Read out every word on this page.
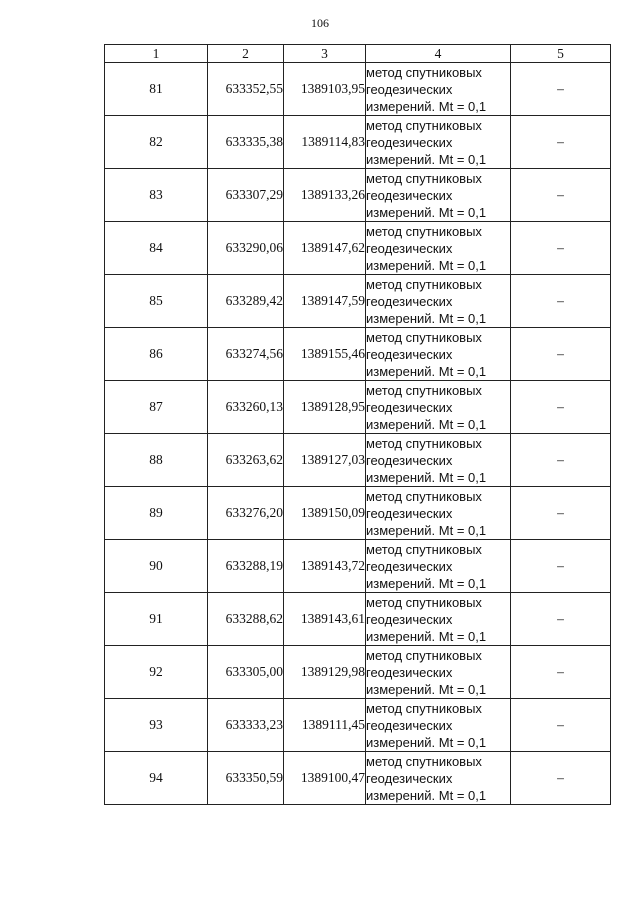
106
1	2	3	4	5
81	633352,55	1389103,95	метод спутниковых
геодезических
измерений. Mt = 0,1	–
82	633335,38	1389114,83	метод спутниковых
геодезических
измерений. Mt = 0,1	–
83	633307,29	1389133,26	метод спутниковых
геодезических
измерений. Mt = 0,1	–
84	633290,06	1389147,62	метод спутниковых
геодезических
измерений. Mt = 0,1	–
85	633289,42	1389147,59	метод спутниковых
геодезических
измерений. Mt = 0,1	–
86	633274,56	1389155,46	метод спутниковых
геодезических
измерений. Mt = 0,1	–
87	633260,13	1389128,95	метод спутниковых
геодезических
измерений. Mt = 0,1	–
88	633263,62	1389127,03	метод спутниковых
геодезических
измерений. Mt = 0,1	–
89	633276,20	1389150,09	метод спутниковых
геодезических
измерений. Mt = 0,1	–
90	633288,19	1389143,72	метод спутниковых
геодезических
измерений. Mt = 0,1	–
91	633288,62	1389143,61	метод спутниковых
геодезических
измерений. Mt = 0,1	–
92	633305,00	1389129,98	метод спутниковых
геодезических
измерений. Mt = 0,1	–
93	633333,23	1389111,45	метод спутниковых
геодезических
измерений. Mt = 0,1	–
94	633350,59	1389100,47	метод спутниковых
геодезических
измерений. Mt = 0,1	–
